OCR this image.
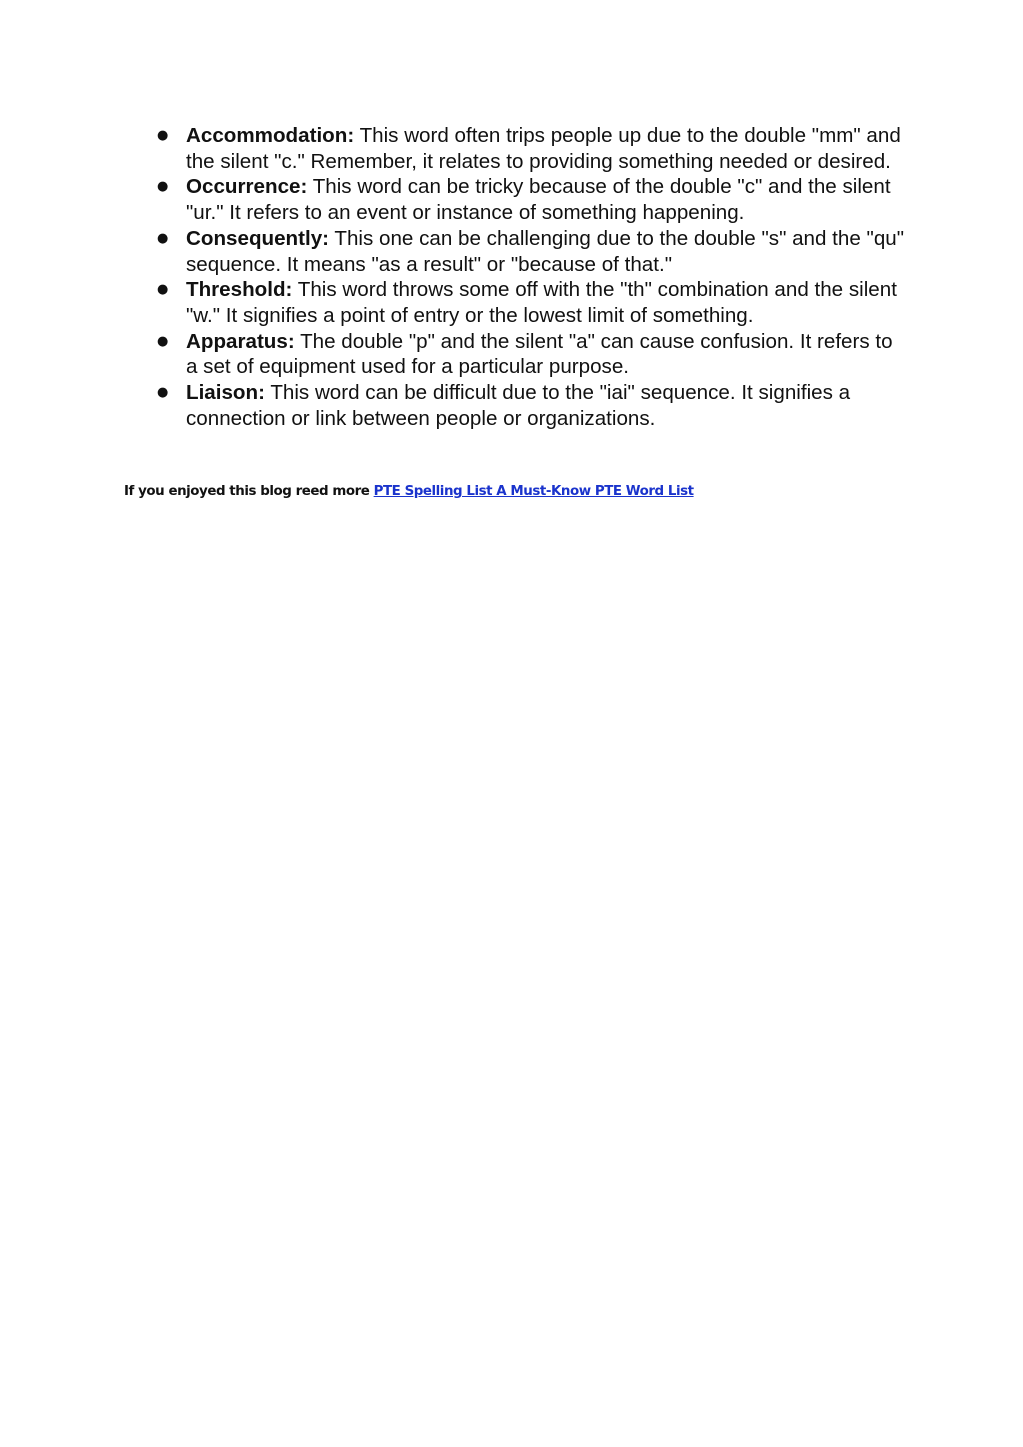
● Accommodation: This word often trips people up due to the double "mm" and the silent "c." Remember, it relates to providing something needed or desired.
● Occurrence: This word can be tricky because of the double "c" and the silent "ur." It refers to an event or instance of something happening.
● Consequently: This one can be challenging due to the double "s" and the "qu" sequence. It means "as a result" or "because of that."
● Threshold: This word throws some off with the "th" combination and the silent "w." It signifies a point of entry or the lowest limit of something.
● Apparatus: The double "p" and the silent "a" can cause confusion. It refers to a set of equipment used for a particular purpose.
● Liaison: This word can be difficult due to the "iai" sequence. It signifies a connection or link between people or organizations.

If you enjoyed this blog reed more PTE Spelling List A Must-Know PTE Word List
